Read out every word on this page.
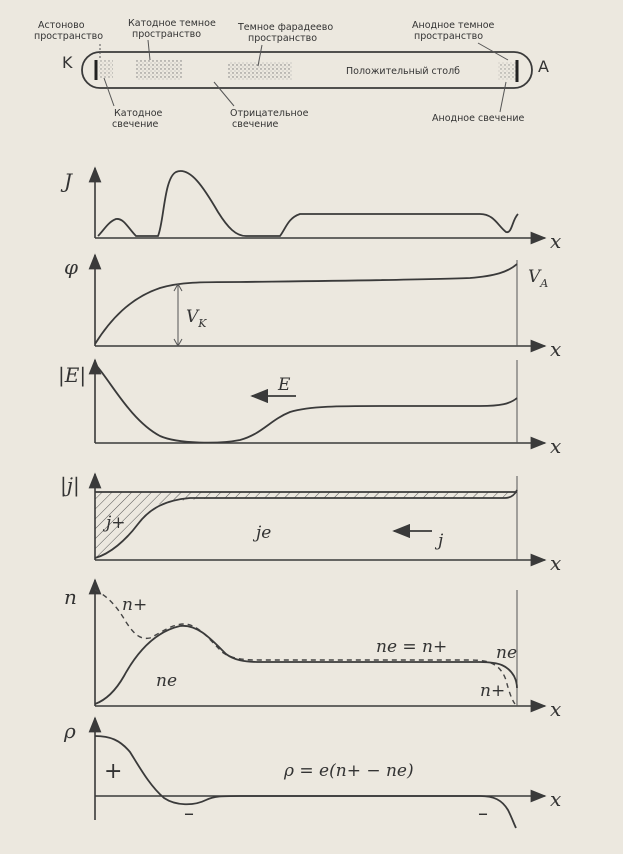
K	A
Астоново
пространство
Катодное темное
пространство
Темное фарадеево
пространство
Анодное темное
пространство
Положительный столб
Катодное
свечение
Отрицательное
свечение
Анодное свечение
J
x
φ
x
$V_K$
$V_A$
|E|
x
E
|j|
x
j+	je	j
n
x
n+
ne
ne = n+	ne
n+
ρ
x
+
–	–
ρ = e(n+ − ne)
